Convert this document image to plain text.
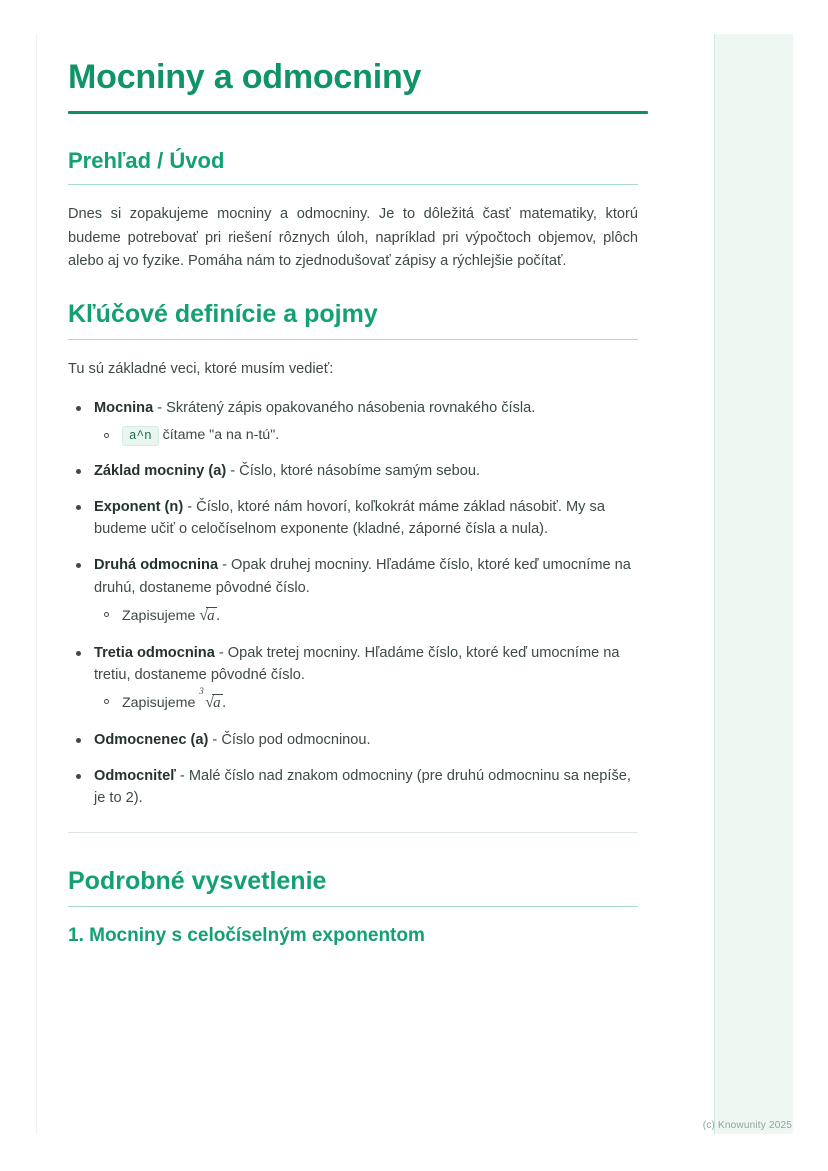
Mocniny a odmocniny
Prehľad / Úvod

Dnes si zopakujeme mocniny a odmocniny. Je to dôležitá časť matematiky, ktorú budeme potrebovať pri riešení rôznych úloh, napríklad pri výpočtoch objemov, plôch alebo aj vo fyzike. Pomáha nám to zjednodušovať zápisy a rýchlejšie počítať.

Kľúčové definície a pojmy

Tu sú základné veci, ktoré musím vedieť:

Mocnina - Skrátený zápis opakovaného násobenia rovnakého čísla.
a^n čítame "a na n-tú".
Základ mocniny (a) - Číslo, ktoré násobíme samým sebou.
Exponent (n) - Číslo, ktoré nám hovorí, koľkokrát máme základ násobiť. My sa budeme učiť o celočíselnom exponente (kladné, záporné čísla a nula).
Druhá odmocnina - Opak druhej mocniny. Hľadáme číslo, ktoré keď umocníme na druhú, dostaneme pôvodné číslo.
Zapisujeme √a .
Tretia odmocnina - Opak tretej mocniny. Hľadáme číslo, ktoré keď umocníme na tretiu, dostaneme pôvodné číslo.
Zapisujeme
3
√a .
Odmocnenec (a) - Číslo pod odmocninou.
Odmocniteľ - Malé číslo nad znakom odmocniny (pre druhú odmocninu sa nepíše, je to 2).
Podrobné vysvetlenie
1. Mocniny s celočíselným exponentom
(c) Knowunity 2025
